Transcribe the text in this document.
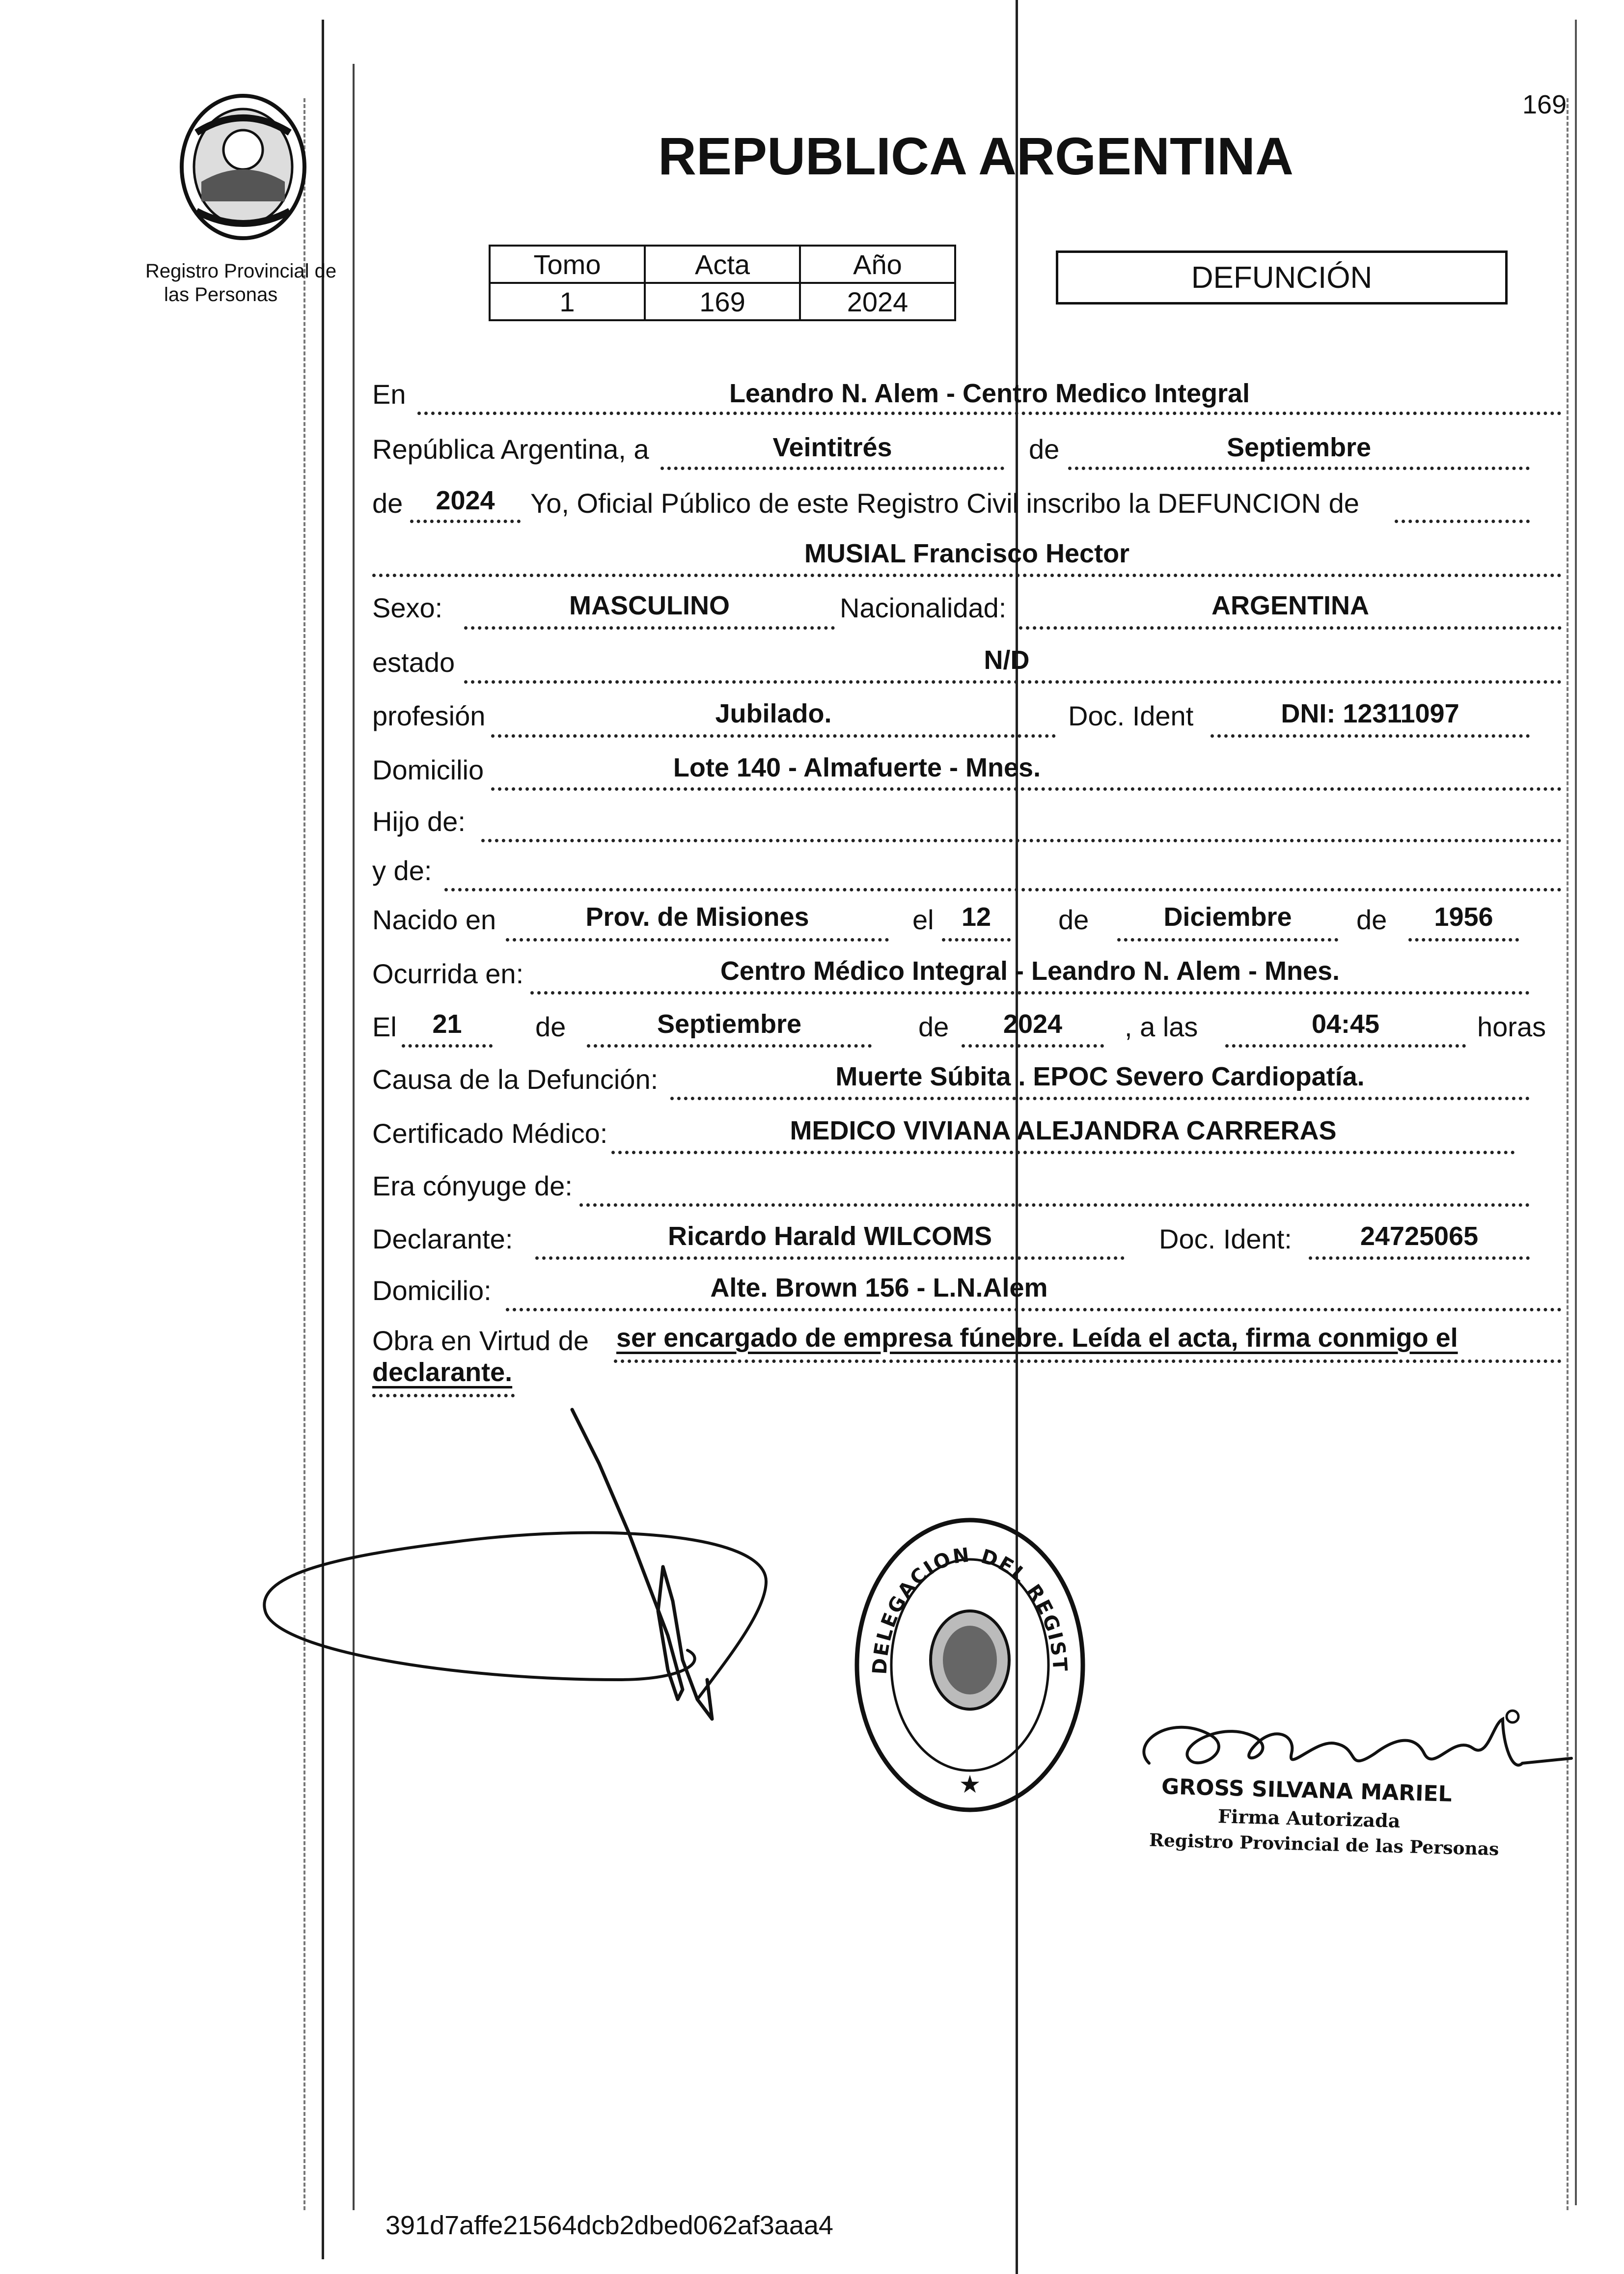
169
Registro Provincial de
las Personas
REPUBLICA ARGENTINA
Tomo	Acta	Año
1	169	2024
DEFUNCIÓN
En	Leandro N. Alem - Centro Medico Integral
República Argentina, a	Veintitrés	de	Septiembre
de	2024	Yo, Oficial Público de este Registro Civil inscribo la DEFUNCION de
MUSIAL Francisco Hector
Sexo:	MASCULINO	Nacionalidad:	ARGENTINA
estado	N/D
profesión	Jubilado.	Doc. Ident	DNI: 12311097
Domicilio	Lote 140 - Almafuerte - Mnes.
Hijo de:
y de:
Nacido en	Prov. de Misiones	el	12	de	Diciembre	de	1956
Ocurrida en:	Centro Médico Integral - Leandro N. Alem - Mnes.
El	21	de	Septiembre	de	2024	, a las	04:45	horas
Causa de la Defunción:	Muerte Súbita . EPOC Severo Cardiopatía.
Certificado Médico:	MEDICO VIVIANA ALEJANDRA CARRERAS
Era cónyuge de:
Declarante:	Ricardo Harald WILCOMS	Doc. Ident:	24725065
Domicilio:	Alte. Brown 156 - L.N.Alem
Obra en Virtud de ser encargado de empresa fúnebre. Leída el acta, firma conmigo el
declarante.
DELEGACION DEL REGIST
★	GROSS SILVANA MARIEL
Firma Autorizada
Registro Provincial de las Personas
391d7affe21564dcb2dbed062af3aaa4
